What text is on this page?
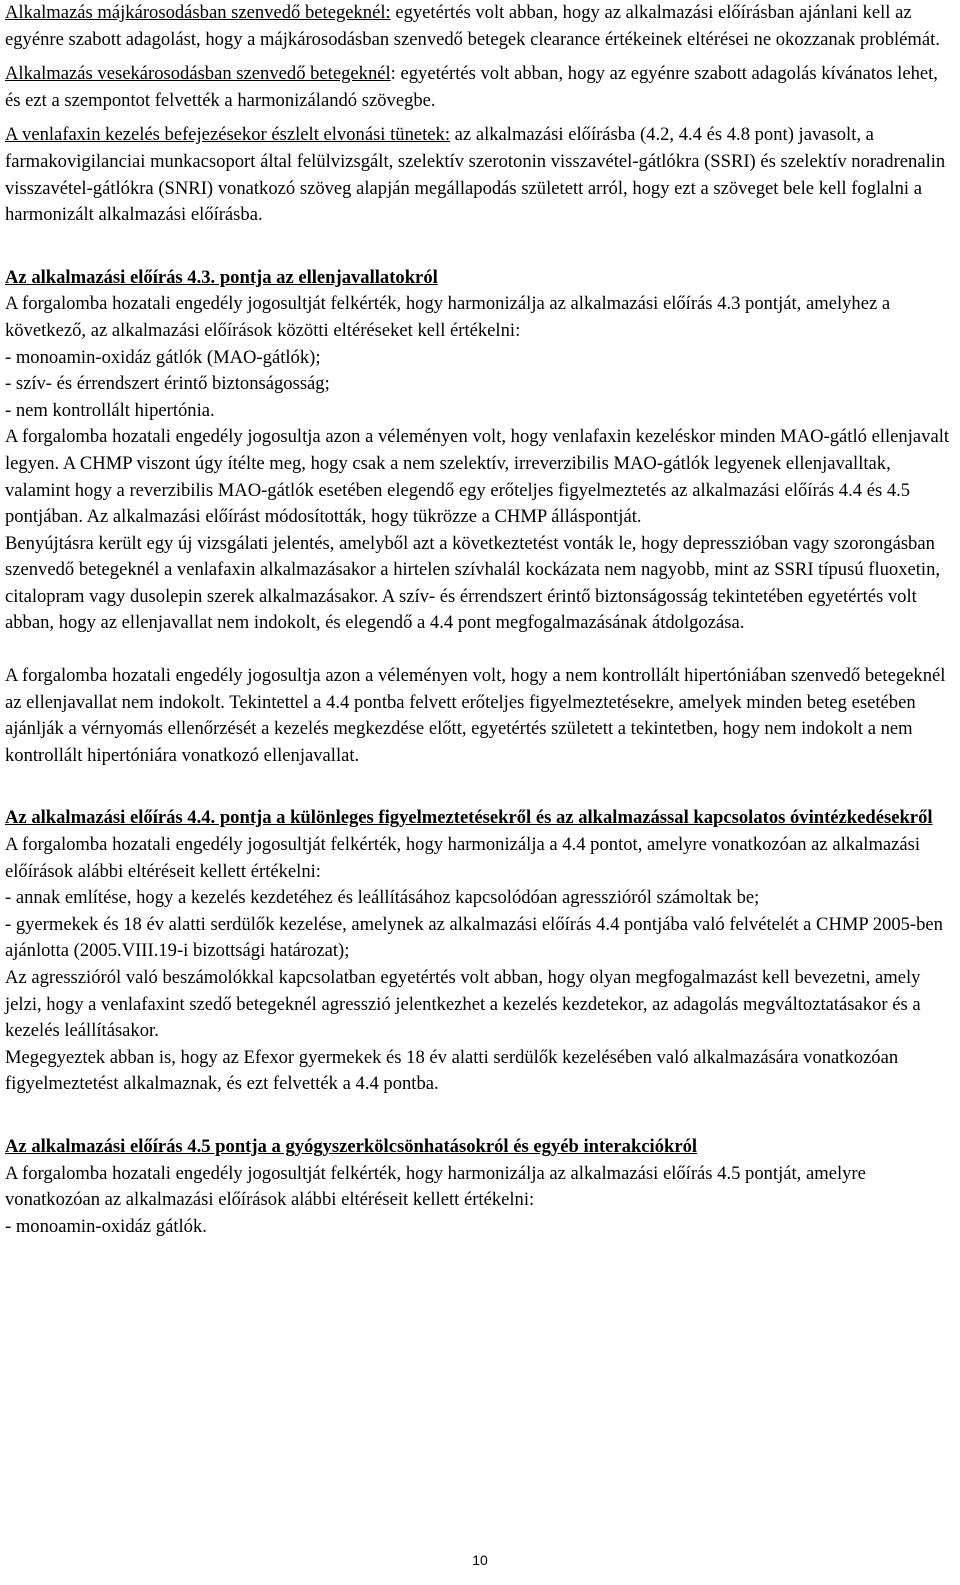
Alkalmazás májkárosodásban szenvedő betegeknél: egyetértés volt abban, hogy az alkalmazási előírásban ajánlani kell az egyénre szabott adagolást, hogy a májkárosodásban szenvedő betegek clearance értékeinek eltérései ne okozzanak problémát.

Alkalmazás vesekárosodásban szenvedő betegeknél: egyetértés volt abban, hogy az egyénre szabott adagolás kívánatos lehet, és ezt a szempontot felvették a harmonizálandó szövegbe.

A venlafaxin kezelés befejezésekor észlelt elvonási tünetek: az alkalmazási előírásba (4.2, 4.4 és 4.8 pont) javasolt, a farmakovigilanciai munkacsoport által felülvizsgált, szelektív szerotonin visszavétel-gátlókra (SSRI) és szelektív noradrenalin visszavétel-gátlókra (SNRI) vonatkozó szöveg alapján megállapodás született arról, hogy ezt a szöveget bele kell foglalni a harmonizált alkalmazási előírásba.

Az alkalmazási előírás 4.3. pontja az ellenjavallatokról

A forgalomba hozatali engedély jogosultját felkérték, hogy harmonizálja az alkalmazási előírás 4.3 pontját, amelyhez a következő, az alkalmazási előírások közötti eltéréseket kell értékelni:

- monoamin-oxidáz gátlók (MAO-gátlók);

- szív- és érrendszert érintő biztonságosság;

- nem kontrollált hipertónia.

A forgalomba hozatali engedély jogosultja azon a véleményen volt, hogy venlafaxin kezeléskor minden MAO-gátló ellenjavalt legyen. A CHMP viszont úgy ítélte meg, hogy csak a nem szelektív, irreverzibilis MAO-gátlók legyenek ellenjavalltak, valamint hogy a reverzibilis MAO-gátlók esetében elegendő egy erőteljes figyelmeztetés az alkalmazási előírás 4.4 és 4.5 pontjában. Az alkalmazási előírást módosították, hogy tükrözze a CHMP álláspontját.

Benyújtásra került egy új vizsgálati jelentés, amelyből azt a következtetést vonták le, hogy depresszióban vagy szorongásban szenvedő betegeknél a venlafaxin alkalmazásakor a hirtelen szívhalál kockázata nem nagyobb, mint az SSRI típusú fluoxetin, citalopram vagy dusolepin szerek alkalmazásakor. A szív- és érrendszert érintő biztonságosság tekintetében egyetértés volt abban, hogy az ellenjavallat nem indokolt, és elegendő a 4.4 pont megfogalmazásának átdolgozása.

A forgalomba hozatali engedély jogosultja azon a véleményen volt, hogy a nem kontrollált hipertóniában szenvedő betegeknél az ellenjavallat nem indokolt. Tekintettel a 4.4 pontba felvett erőteljes figyelmeztetésekre, amelyek minden beteg esetében ajánlják a vérnyomás ellenőrzését a kezelés megkezdése előtt, egyetértés született a tekintetben, hogy nem indokolt a nem kontrollált hipertóniára vonatkozó ellenjavallat.

Az alkalmazási előírás 4.4. pontja a különleges figyelmeztetésekről és az alkalmazással kapcsolatos óvintézkedésekről

A forgalomba hozatali engedély jogosultját felkérték, hogy harmonizálja a 4.4 pontot, amelyre vonatkozóan az alkalmazási előírások alábbi eltéréseit kellett értékelni:

- annak említése, hogy a kezelés kezdetéhez és leállításához kapcsolódóan agresszióról számoltak be;

- gyermekek és 18 év alatti serdülők kezelése, amelynek az alkalmazási előírás 4.4 pontjába való felvételét a CHMP 2005-ben ajánlotta (2005.VIII.19-i bizottsági határozat);

Az agresszióról való beszámolókkal kapcsolatban egyetértés volt abban, hogy olyan megfogalmazást kell bevezetni, amely jelzi, hogy a venlafaxint szedő betegeknél agresszió jelentkezhet a kezelés kezdetekor, az adagolás megváltoztatásakor és a kezelés leállításakor.

Megegyeztek abban is, hogy az Efexor gyermekek és 18 év alatti serdülők kezelésében való alkalmazására vonatkozóan figyelmeztetést alkalmaznak, és ezt felvették a 4.4 pontba.

Az alkalmazási előírás 4.5 pontja a gyógyszerkölcsönhatásokról és egyéb interakciókról

A forgalomba hozatali engedély jogosultját felkérték, hogy harmonizálja az alkalmazási előírás 4.5 pontját, amelyre vonatkozóan az alkalmazási előírások alábbi eltéréseit kellett értékelni:

- monoamin-oxidáz gátlók.

10
